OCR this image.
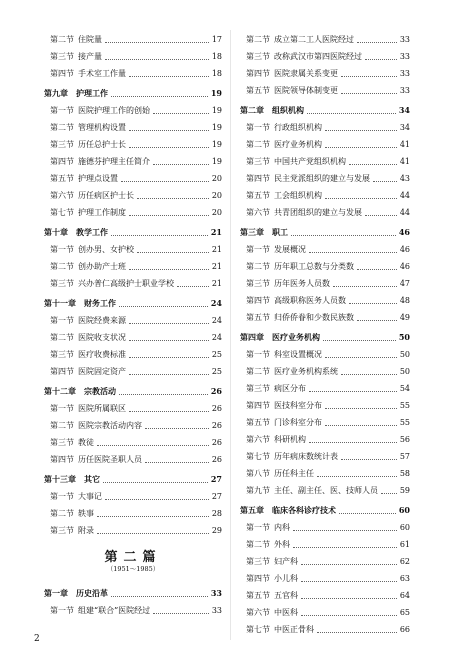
第二节 住院量	17
第三节 接产量	18
第四节 手术室工作量	18
第九章 护理工作	19
第一节 医院护理工作的创始	19
第二节 管理机构设置	19
第三节 历任总护士长	19
第四节 施德芬护理主任简介	19
第五节 护理点设置	20
第六节 历任病区护士长	20
第七节 护理工作制度	20
第十章 教学工作	21
第一节 创办男、女护校	21
第二节 创办助产士班	21
第三节 兴办普仁高级护士职业学校	21
第十一章 财务工作	24
第一节 医院经费来源	24
第二节 医院收支状况	24
第三节 医疗收费标准	25
第四节 医院固定资产	25
第十二章 宗教活动	26
第一节 医院所属联区	26
第二节 医院宗教活动内容	26
第三节 教徒	26
第四节 历任医院圣职人员	26
第十三章 其它	27
第一节 大事记	27
第二节 轶事	28
第三节 附录	29
第二篇
（1951～1985）
第一章 历史沿革	33
第一节 组建“联合”医院经过	33
第二节 成立第二工人医院经过	33
第三节 改称武汉市第四医院经过	33
第四节 医院隶属关系变更	33
第五节 医院领导体制变更	33
第二章 组织机构	34
第一节 行政组织机构	34
第二节 医疗业务机构	41
第三节 中国共产党组织机构	41
第四节 民主党派组织的建立与发展	43
第五节 工会组织机构	44
第六节 共青团组织的建立与发展	44
第三章 职工	46
第一节 发展概况	46
第二节 历年职工总数与分类数	46
第三节 历年医务人员数	47
第四节 高级职称医务人员数	48
第五节 归侨侨眷和少数民族数	49
第四章 医疗业务机构	50
第一节 科室设置概况	50
第二节 医疗业务机构系统	50
第三节 病区分布	54
第四节 医技科室分布	55
第五节 门诊科室分布	55
第六节 科研机构	56
第七节 历年病床数统计表	57
第八节 历任科主任	58
第九节 主任、副主任、医、技师人员	59
第五章 临床各科诊疗技术	60
第一节 内科	60
第二节 外科	61
第三节 妇产科	62
第四节 小儿科	63
第五节 五官科	64
第六节 中医科	65
第七节 中医正骨科	66
2
